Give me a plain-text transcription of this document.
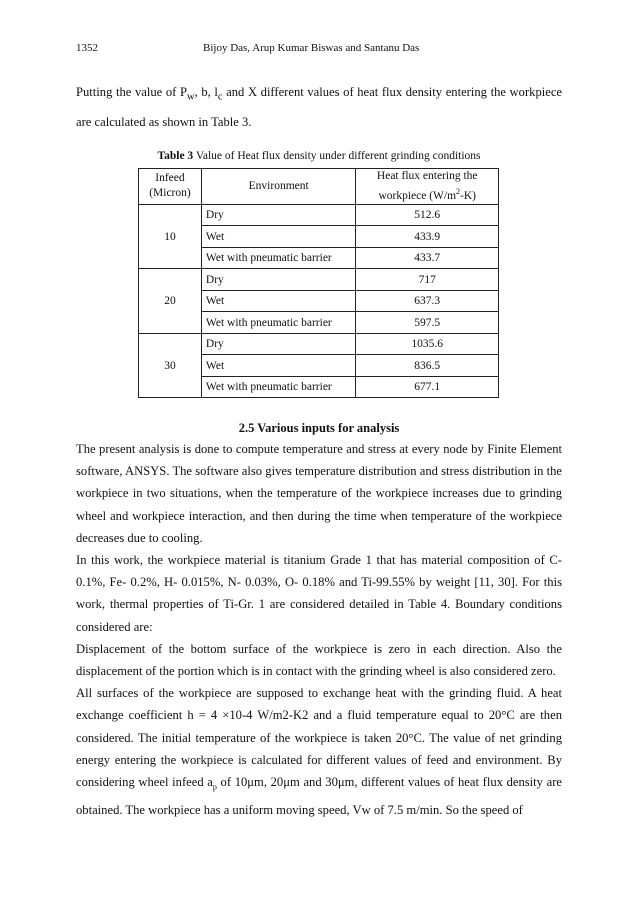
1352	Bijoy Das, Arup Kumar Biswas and Santanu Das

Putting the value of $P_w$, b, $l_c$ and X different values of heat flux density entering the workpiece are calculated as shown in Table 3.

Table 3 Value of Heat flux density under different grinding conditions
Infeed (Micron)	Environment	Heat flux entering the workpiece $(W/m^2-K)$
10	Dry	512.6
	Wet	433.9
	Wet with pneumatic barrier	433.7
20	Dry	717
	Wet	637.3
	Wet with pneumatic barrier	597.5
30	Dry	1035.6
	Wet	836.5
	Wet with pneumatic barrier	677.1
2.5 Various inputs for analysis

The present analysis is done to compute temperature and stress at every node by Finite Element software, ANSYS. The software also gives temperature distribution and stress distribution in the workpiece in two situations, when the temperature of the workpiece increases due to grinding wheel and workpiece interaction, and then during the time when temperature of the workpiece decreases due to cooling.

In this work, the workpiece material is titanium Grade 1 that has material composition of C-0.1%, Fe- 0.2%, H- 0.015%, N- 0.03%, O- 0.18% and Ti-99.55% by weight [11, 30]. For this work, thermal properties of Ti-Gr. 1 are considered detailed in Table 4. Boundary conditions considered are:

Displacement of the bottom surface of the workpiece is zero in each direction. Also the displacement of the portion which is in contact with the grinding wheel is also considered zero.

All surfaces of the workpiece are supposed to exchange heat with the grinding fluid. A heat exchange coefficient h = 4 ×10-4 W/m2-K2 and a fluid temperature equal to 20°C are then considered. The initial temperature of the workpiece is taken 20°C. The value of net grinding energy entering the workpiece is calculated for different values of feed and environment. By considering wheel infeed $a_p$ of 10μm, 20μm and 30μm, different values of heat flux density are obtained. The workpiece has a uniform moving speed, Vw of 7.5 m/min. So the speed of
